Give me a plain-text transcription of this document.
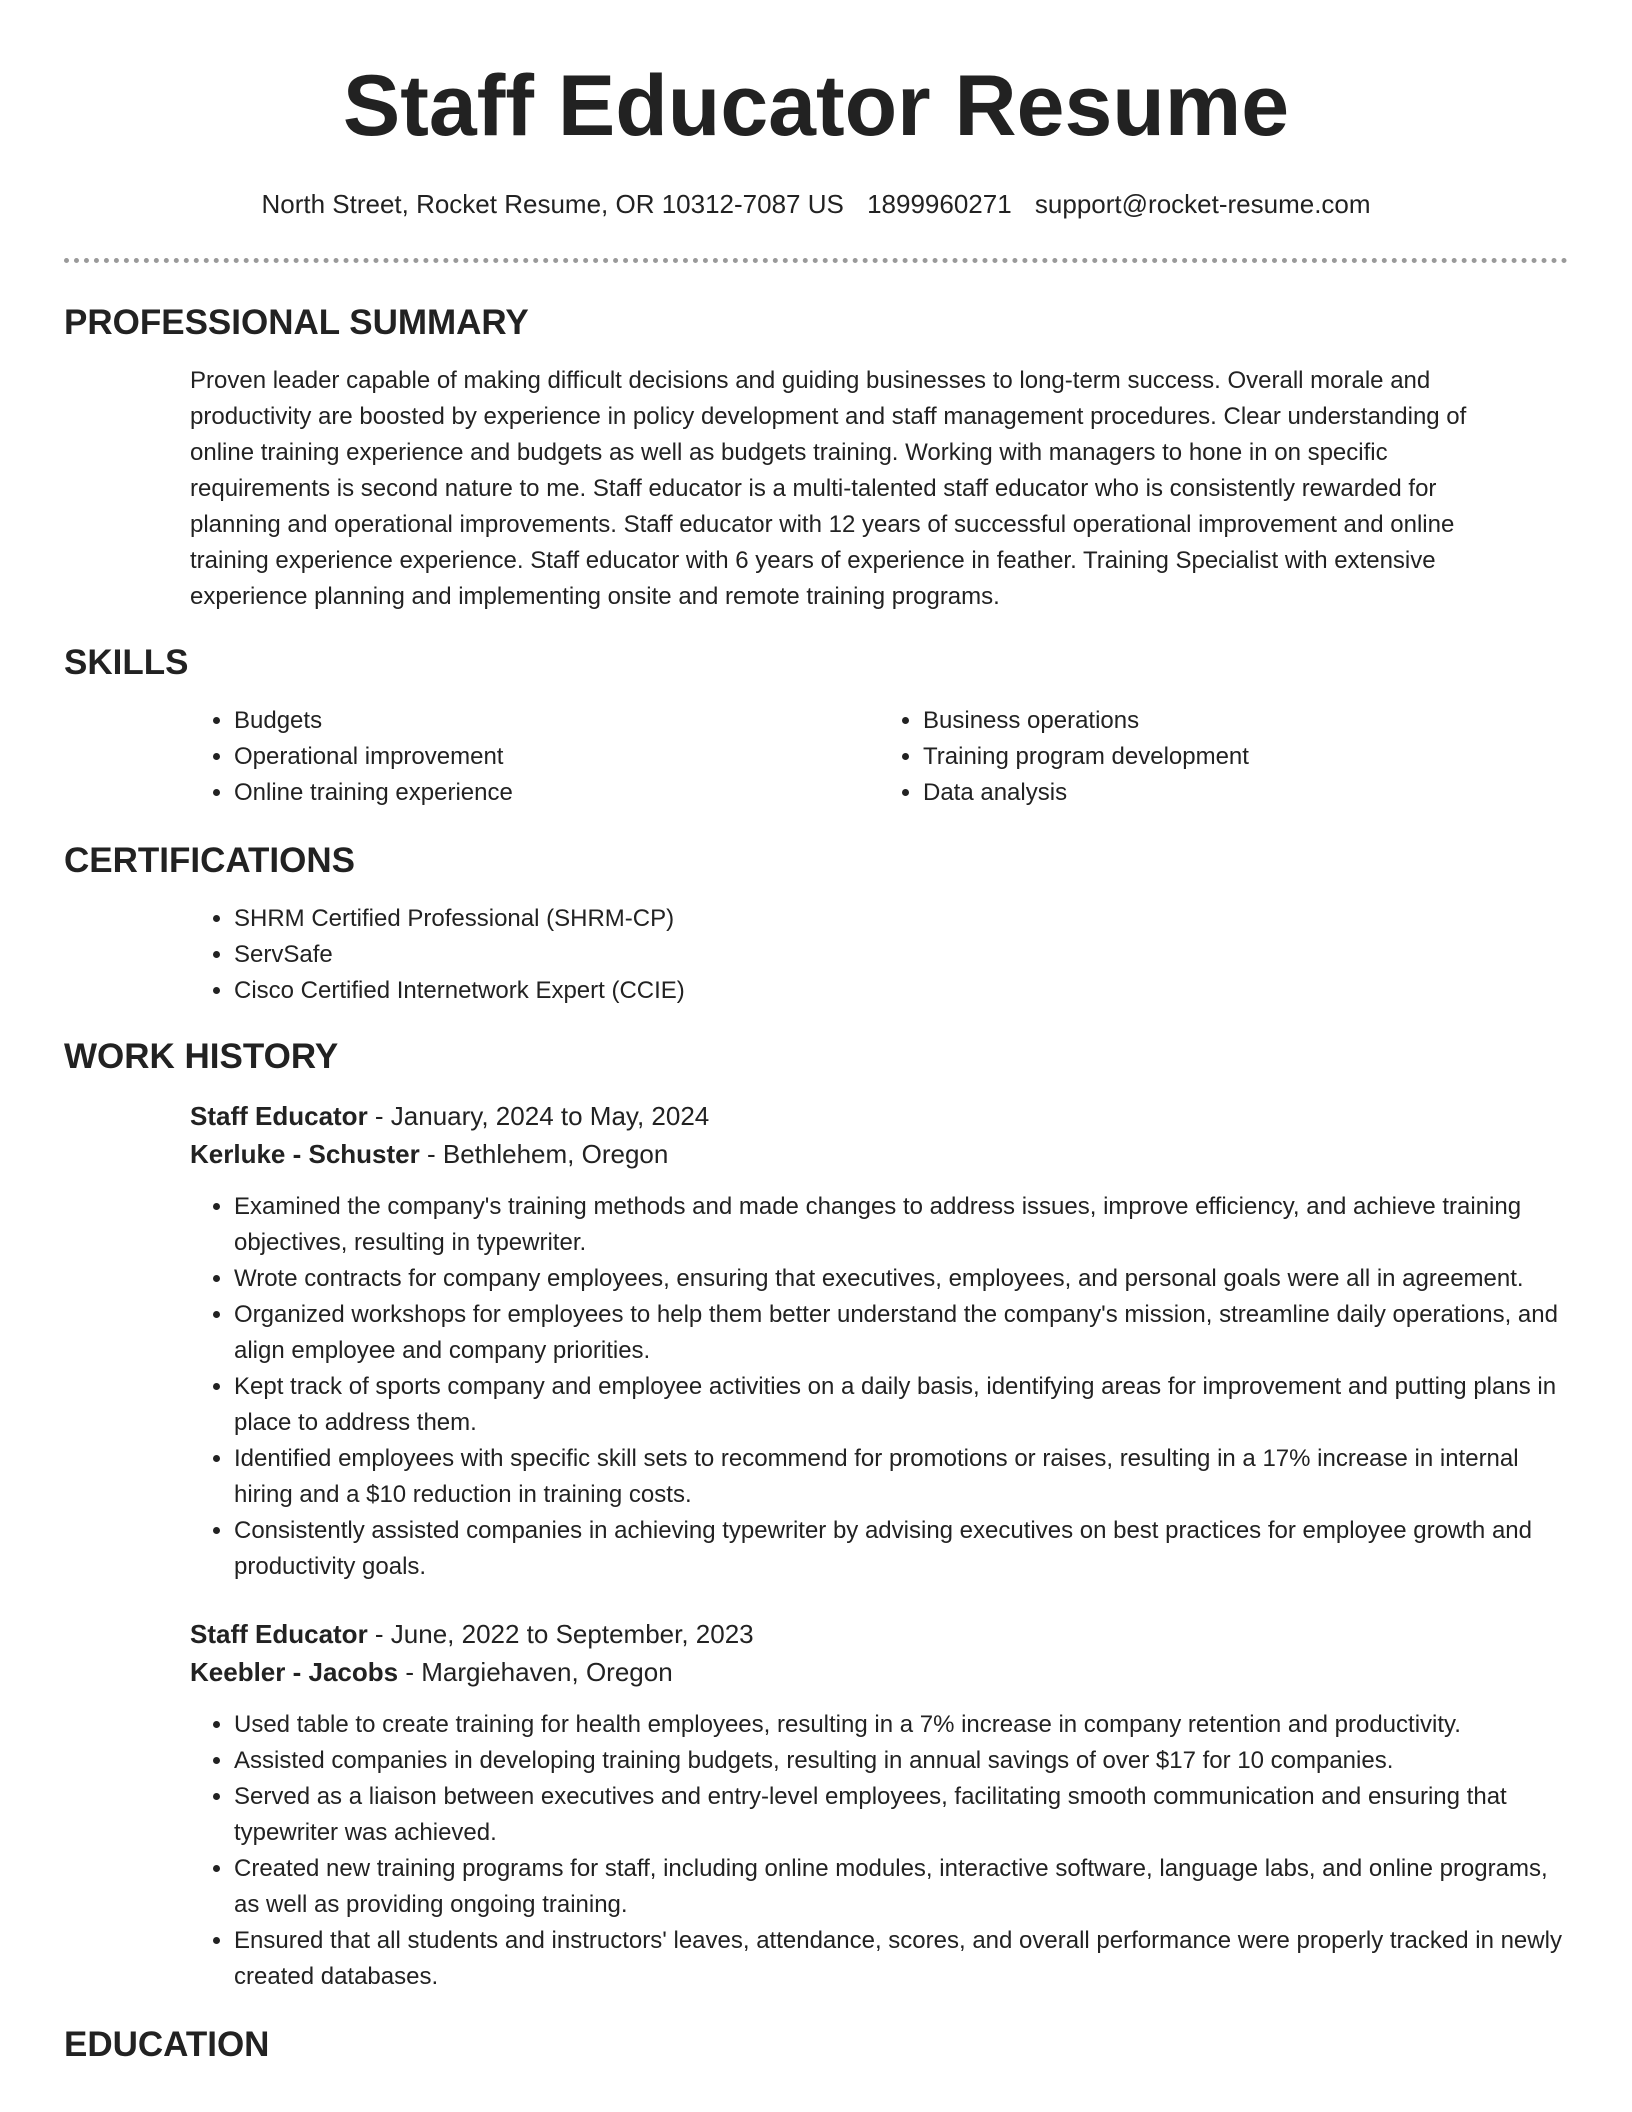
Staff Educator Resume
North Street, Rocket Resume, OR 10312-7087 US 1899960271 support@rocket-resume.com
PROFESSIONAL SUMMARY
Proven leader capable of making difficult decisions and guiding businesses to long-term success. Overall morale and
productivity are boosted by experience in policy development and staff management procedures. Clear understanding of
online training experience and budgets as well as budgets training. Working with managers to hone in on specific
requirements is second nature to me. Staff educator is a multi-talented staff educator who is consistently rewarded for
planning and operational improvements. Staff educator with 12 years of successful operational improvement and online
training experience experience. Staff educator with 6 years of experience in feather. Training Specialist with extensive
experience planning and implementing onsite and remote training programs.
SKILLS
• Budgets
• Operational improvement
• Online training experience
• Business operations
• Training program development
• Data analysis
CERTIFICATIONS
• SHRM Certified Professional (SHRM-CP)
• ServSafe
• Cisco Certified Internetwork Expert (CCIE)
WORK HISTORY
Staff Educator - January, 2024 to May, 2024
Kerluke - Schuster - Bethlehem, Oregon
• Examined the company's training methods and made changes to address issues, improve efficiency, and achieve training objectives, resulting in typewriter.
• Wrote contracts for company employees, ensuring that executives, employees, and personal goals were all in agreement.
• Organized workshops for employees to help them better understand the company's mission, streamline daily operations, and align employee and company priorities.
• Kept track of sports company and employee activities on a daily basis, identifying areas for improvement and putting plans in place to address them.
• Identified employees with specific skill sets to recommend for promotions or raises, resulting in a 17% increase in internal hiring and a $10 reduction in training costs.
• Consistently assisted companies in achieving typewriter by advising executives on best practices for employee growth and productivity goals.
Staff Educator - June, 2022 to September, 2023
Keebler - Jacobs - Margiehaven, Oregon
• Used table to create training for health employees, resulting in a 7% increase in company retention and productivity.
• Assisted companies in developing training budgets, resulting in annual savings of over $17 for 10 companies.
• Served as a liaison between executives and entry-level employees, facilitating smooth communication and ensuring that typewriter was achieved.
• Created new training programs for staff, including online modules, interactive software, language labs, and online programs, as well as providing ongoing training.
• Ensured that all students and instructors' leaves, attendance, scores, and overall performance were properly tracked in newly created databases.
EDUCATION
